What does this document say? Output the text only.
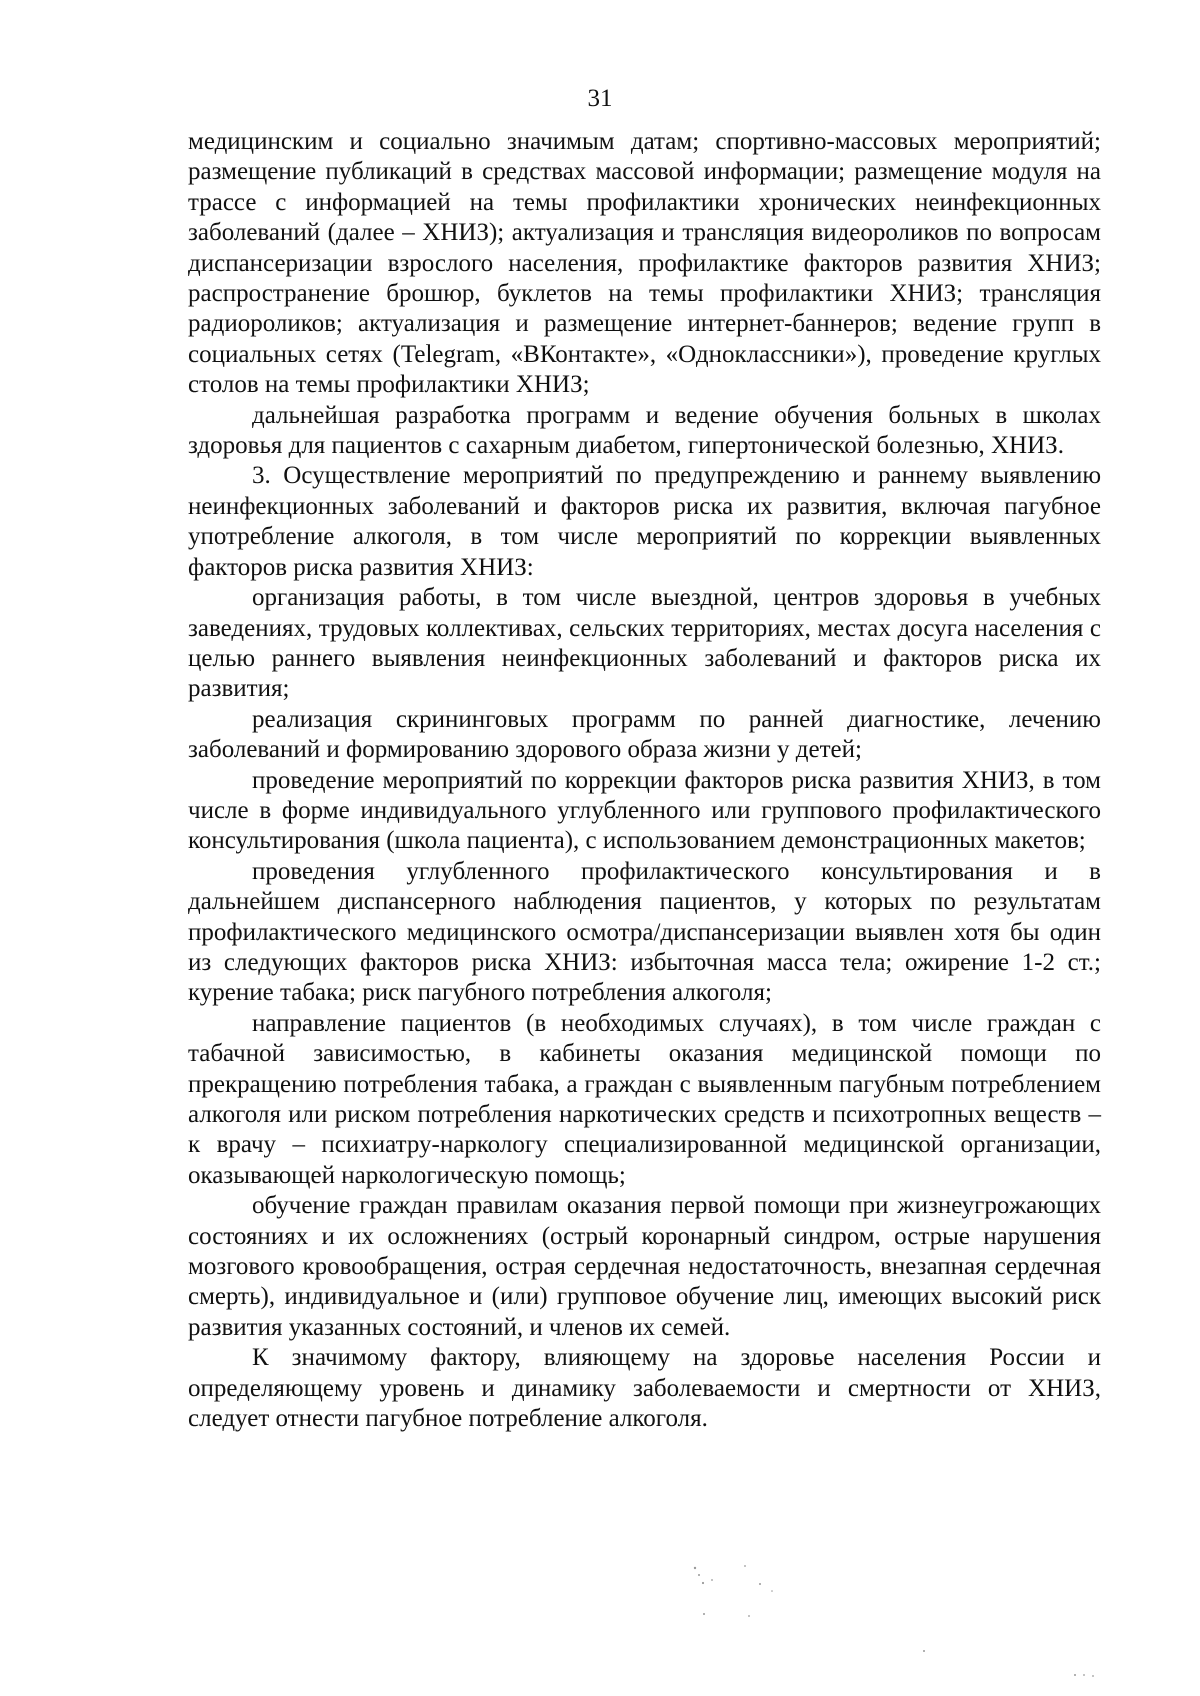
31

медицинским и социально значимым датам; спортивно-массовых мероприятий; размещение публикаций в средствах массовой информации; размещение модуля на трассе с информацией на темы профилактики хронических неинфекционных заболеваний (далее – ХНИЗ); актуализация и трансляция видеороликов по вопросам диспансеризации взрослого населения, профилактике факторов развития ХНИЗ; распространение брошюр, буклетов на темы профилактики ХНИЗ; трансляция радиороликов; актуализация и размещение интернет-баннеров; ведение групп в социальных сетях (Telegram, «ВКонтакте», «Одноклассники»), проведение круглых столов на темы профилактики ХНИЗ;

дальнейшая разработка программ и ведение обучения больных в школах здоровья для пациентов с сахарным диабетом, гипертонической болезнью, ХНИЗ.

3. Осуществление мероприятий по предупреждению и раннему выявлению неинфекционных заболеваний и факторов риска их развития, включая пагубное употребление алкоголя, в том числе мероприятий по коррекции выявленных факторов риска развития ХНИЗ:

организация работы, в том числе выездной, центров здоровья в учебных заведениях, трудовых коллективах, сельских территориях, местах досуга населения с целью раннего выявления неинфекционных заболеваний и факторов риска их развития;

реализация скрининговых программ по ранней диагностике, лечению заболеваний и формированию здорового образа жизни у детей;

проведение мероприятий по коррекции факторов риска развития ХНИЗ, в том числе в форме индивидуального углубленного или группового профилактического консультирования (школа пациента), с использованием демонстрационных макетов;

проведения углубленного профилактического консультирования и в дальнейшем диспансерного наблюдения пациентов, у которых по результатам профилактического медицинского осмотра/диспансеризации выявлен хотя бы один из следующих факторов риска ХНИЗ: избыточная масса тела; ожирение 1-2 ст.; курение табака; риск пагубного потребления алкоголя;

направление пациентов (в необходимых случаях), в том числе граждан с табачной зависимостью, в кабинеты оказания медицинской помощи по прекращению потребления табака, а граждан с выявленным пагубным потреблением алкоголя или риском потребления наркотических средств и психотропных веществ – к врачу – психиатру-наркологу специализированной медицинской организации, оказывающей наркологическую помощь;

обучение граждан правилам оказания первой помощи при жизнеугрожающих состояниях и их осложнениях (острый коронарный синдром, острые нарушения мозгового кровообращения, острая сердечная недостаточность, внезапная сердечная смерть), индивидуальное и (или) групповое обучение лиц, имеющих высокий риск развития указанных состояний, и членов их семей.

К значимому фактору, влияющему на здоровье населения России и определяющему уровень и динамику заболеваемости и смертности от ХНИЗ, следует отнести пагубное потребление алкоголя.
